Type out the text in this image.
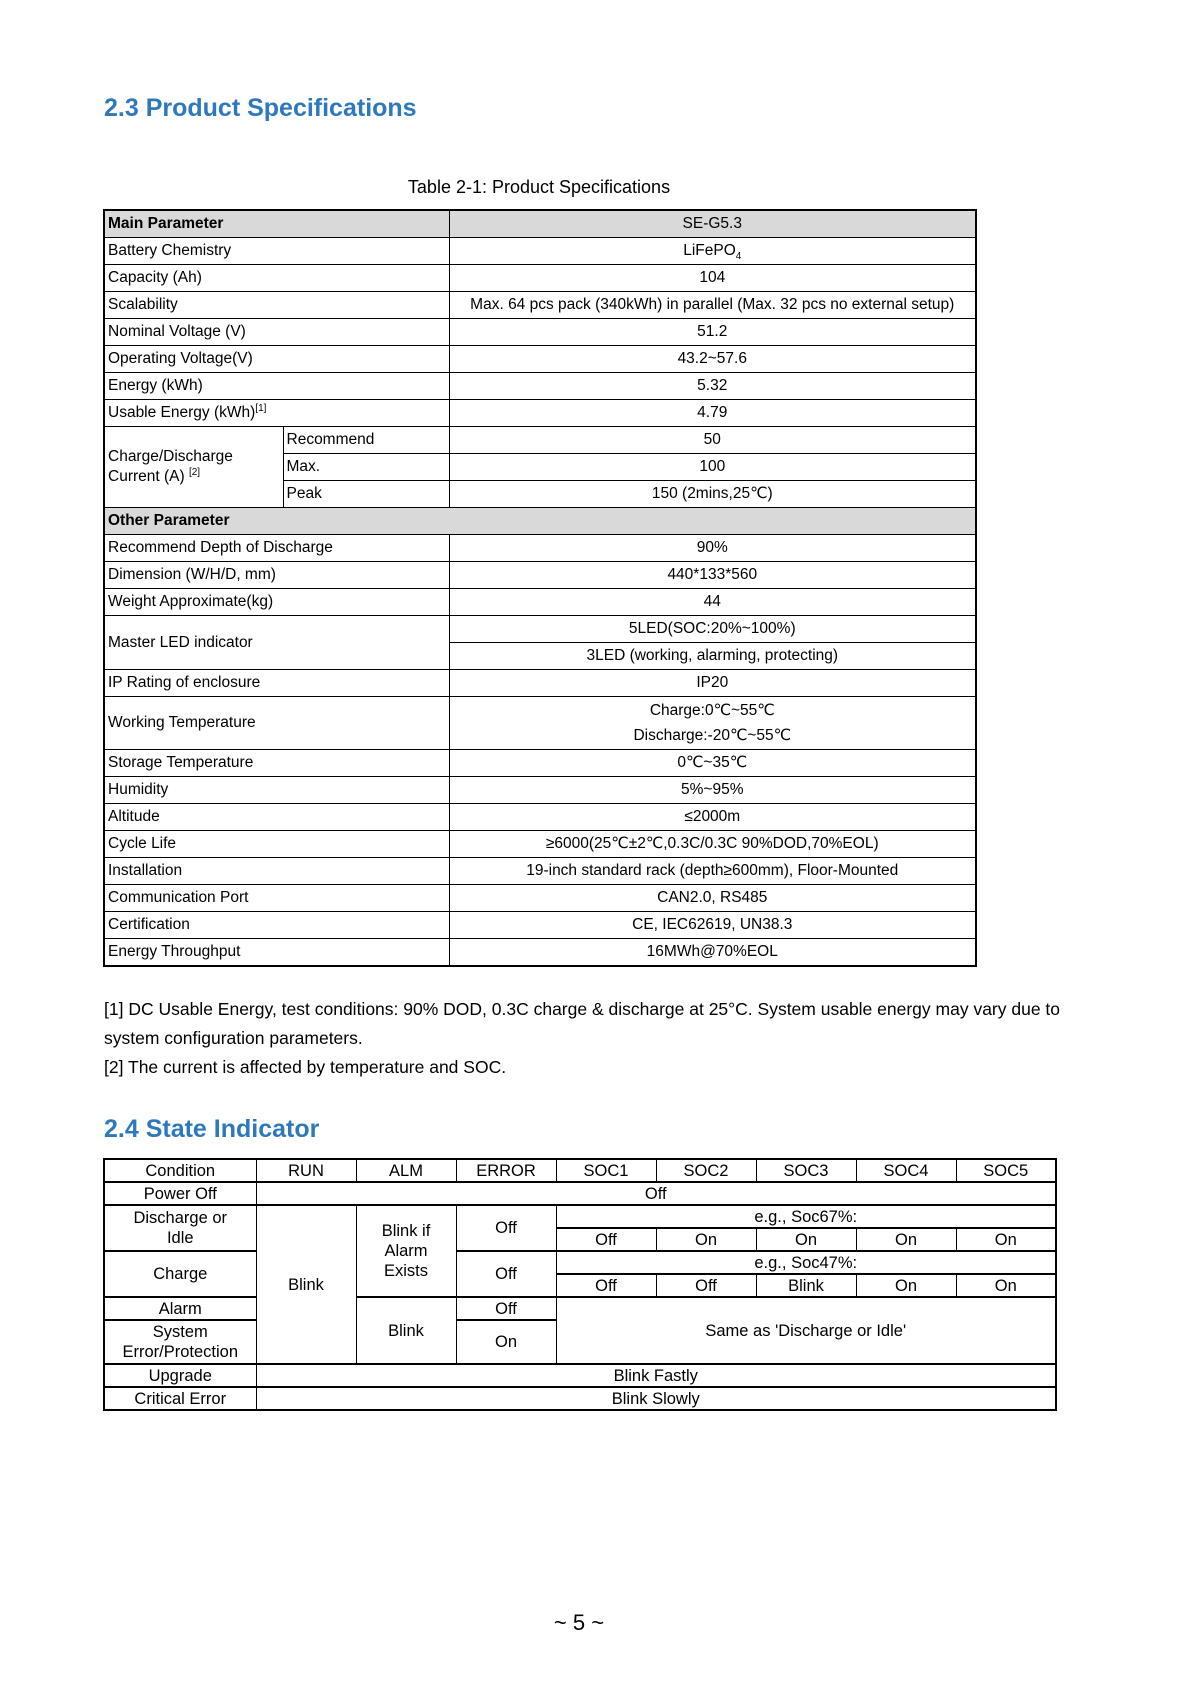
2.3 Product Specifications
Table 2-1: Product Specifications
Main Parameter		SE-G5.3
Battery Chemistry		LiFePO$_4$
Capacity (Ah)		104
Scalability		Max. 64 pcs pack (340kWh) in parallel (Max. 32 pcs no external setup)
Nominal Voltage (V)		51.2
Operating Voltage(V)		43.2~57.6
Energy (kWh)		5.32
Usable Energy (kWh)[1]		4.79
Charge/Discharge Current (A) [2]	Recommend	50
	Max.	100
	Peak	150 (2mins,25℃)
Other Parameter		
Recommend Depth of Discharge		90%
Dimension (W/H/D, mm)		440*133*560
Weight Approximate(kg)		44
Master LED indicator		5LED(SOC:20%~100%)
		3LED (working, alarming, protecting)
IP Rating of enclosure		IP20
Working Temperature		Charge:0℃~55℃
Discharge:-20℃~55℃

Storage Temperature		0℃~35℃
Humidity		5%~95%
Altitude		≤2000m
Cycle Life		≥6000(25℃±2℃,0.3C/0.3C 90%DOD,70%EOL)
Installation		19-inch standard rack (depth≥600mm), Floor-Mounted
Communication Port		CAN2.0, RS485
Certification		CE, IEC62619, UN38.3
Energy Throughput		16MWh@70%EOL

[1] DC Usable Energy, test conditions: 90% DOD, 0.3C charge & discharge at 25°C. System usable energy may vary due to system configuration parameters.

[2] The current is affected by temperature and SOC.

2.4 State Indicator
Condition	RUN	ALM	ERROR	SOC1	SOC2	SOC3	SOC4	SOC5
Power Off	Off							
Discharge or Idle	Blink	Blink if Alarm Exists	Off	e.g., Soc67%:				
				Off	On	On	On	On
Charge			Off	e.g., Soc47%:				
				Off	Off	Blink	On	On
Alarm		Blink	Off	Same as 'Discharge or Idle'				
System Error/Protection			On					
Upgrade	Blink Fastly							
Critical Error	Blink Slowly							
~ 5 ~
